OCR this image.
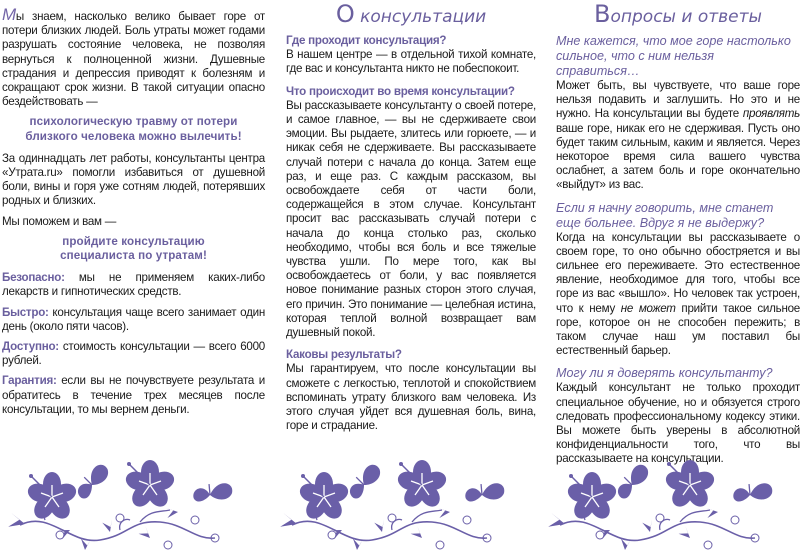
Мы знаем, насколько велико бывает горе от потери близких людей. Боль утраты может годами разрушать состояние человека, не позволяя вернуться к полноценной жизни. Душевные страдания и депрессия приводят к болезням и сокращают срок жизни. В такой ситуации опасно бездействовать —

психологическую травму от потери близкого человека можно вылечить!

За одиннадцать лет работы, консультанты центра «Утрата.ru» помогли избавиться от душевной боли, вины и горя уже сотням людей, потерявших родных и близких.

Мы поможем и вам —

пройдите консультацию специалиста по утратам!

Безопасно: мы не применяем каких-либо лекарств и гипнотических средств.

Быстро: консультация чаще всего занимает один день (около пяти часов).

Доступно: стоимость консультации — всего 6000 рублей.

Гарантия: если вы не почувствуете результата и обратитесь в течение трех месяцев после консультации, то мы вернем деньги.

О консультации
Где проходит консультация?

В нашем центре — в отдельной тихой комнате, где вас и консультанта никто не побеспокоит.

Что происходит во время консультации?

Вы рассказываете консультанту о своей потере, и самое главное, — вы не сдерживаете свои эмоции. Вы рыдаете, злитесь или горюете, — и никак себя не сдерживаете. Вы рассказываете случай потери с начала до конца. Затем еще раз, и еще раз. С каждым рассказом, вы освобождаете себя от части боли, содержащейся в этом случае. Консультант просит вас рассказывать случай потери с начала до конца столько раз, сколько необходимо, чтобы вся боль и все тяжелые чувства ушли. По мере того, как вы освобождаетесь от боли, у вас появляется новое понимание разных сторон этого случая, его причин. Это понимание — целебная истина, которая теплой волной возвращает вам душевный покой.

Каковы результаты?

Мы гарантируем, что после консультации вы сможете с легкостью, теплотой и спокойствием вспоминать утрату близкого вам человека. Из этого случая уйдет вся душевная боль, вина, горе и страдание.

Вопросы и ответы
Мне кажется, что мое горе настолько сильное, что с ним нельзя справиться…

Может быть, вы чувствуете, что ваше горе нельзя подавить и заглушить. Но это и не нужно. На консультации вы будете проявлять ваше горе, никак его не сдерживая. Пусть оно будет таким сильным, каким и является. Через некоторое время сила вашего чувства ослабнет, а затем боль и горе окончательно «выйдут» из вас.

Если я начну говорить, мне станет еще больнее. Вдруг я не выдержу?

Когда на консультации вы рассказываете о своем горе, то оно обычно обостряется и вы сильнее его переживаете. Это естественное явление, необходимое для того, чтобы все горе из вас «вышло». Но человек так устроен, что к нему не может прийти такое сильное горе, которое он не способен пережить; в таком случае наш ум поставил бы естественный барьер.

Могу ли я доверять консультанту?

Каждый консультант не только проходит специальное обучение, но и обязуется строго следовать профессиональному кодексу этики. Вы можете быть уверены в абсолютной конфиденциальности того, что вы рассказываете на консультации.
